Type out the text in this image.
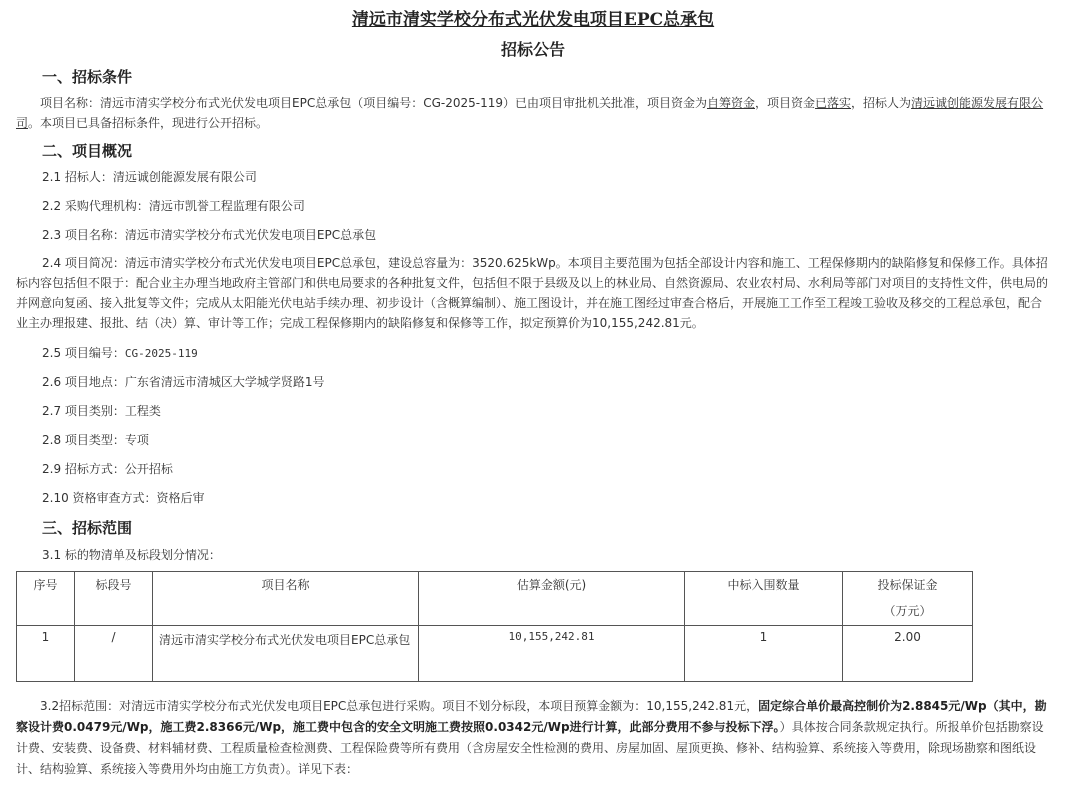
清远市清实学校分布式光伏发电项目EPC总承包
招标公告
一、招标条件

项目名称：清远市清实学校分布式光伏发电项目EPC总承包（项目编号：CG-2025-119）已由项目审批机关批准，项目资金为自筹资金，项目资金已落实，招标人为清远诚创能源发展有限公司。本项目已具备招标条件，现进行公开招标。

二、项目概况

2.1 招标人：清远诚创能源发展有限公司

2.2 采购代理机构：清远市凯誉工程监理有限公司

2.3 项目名称：清远市清实学校分布式光伏发电项目EPC总承包

2.4 项目简况：清远市清实学校分布式光伏发电项目EPC总承包，建设总容量为：3520.625kWp。本项目主要范围为包括全部设计内容和施工、工程保修期内的缺陷修复和保修工作。具体招标内容包括但不限于：配合业主办理当地政府主管部门和供电局要求的各种批复文件，包括但不限于县级及以上的林业局、自然资源局、农业农村局、水利局等部门对项目的支持性文件，供电局的并网意向复函、接入批复等文件；完成从太阳能光伏电站手续办理、初步设计（含概算编制）、施工图设计，并在施工图经过审查合格后，开展施工工作至工程竣工验收及移交的工程总承包，配合业主办理报建、报批、结（决）算、审计等工作；完成工程保修期内的缺陷修复和保修等工作，拟定预算价为10,155,242.81元。

2.5 项目编号：CG-2025-119

2.6 项目地点：广东省清远市清城区大学城学贤路1号

2.7 项目类别：工程类

2.8 项目类型：专项

2.9 招标方式：公开招标

2.10 资格审查方式：资格后审

三、招标范围

3.1 标的物清单及标段划分情况：

序号	标段号	项目名称	估算金额(元)	中标入围数量	投标保证金
（万元）

1	/	清远市清实学校分布式光伏发电项目EPC总承包	10,155,242.81	1	2.00

3.2招标范围：对清远市清实学校分布式光伏发电项目EPC总承包进行采购。项目不划分标段，本项目预算金额为：10,155,242.81元，固定综合单价最高控制价为2.8845元/Wp（其中，勘察设计费0.0479元/Wp，施工费2.8366元/Wp，施工费中包含的安全文明施工费按照0.0342元/Wp进行计算，此部分费用不参与投标下浮。）具体按合同条款规定执行。所报单价包括勘察设计费、安装费、设备费、材料辅材费、工程质量检查检测费、工程保险费等所有费用（含房屋安全性检测的费用、房屋加固、屋顶更换、修补、结构验算、系统接入等费用，除现场勘察和图纸设计、结构验算、系统接入等费用外均由施工方负责）。详见下表：
